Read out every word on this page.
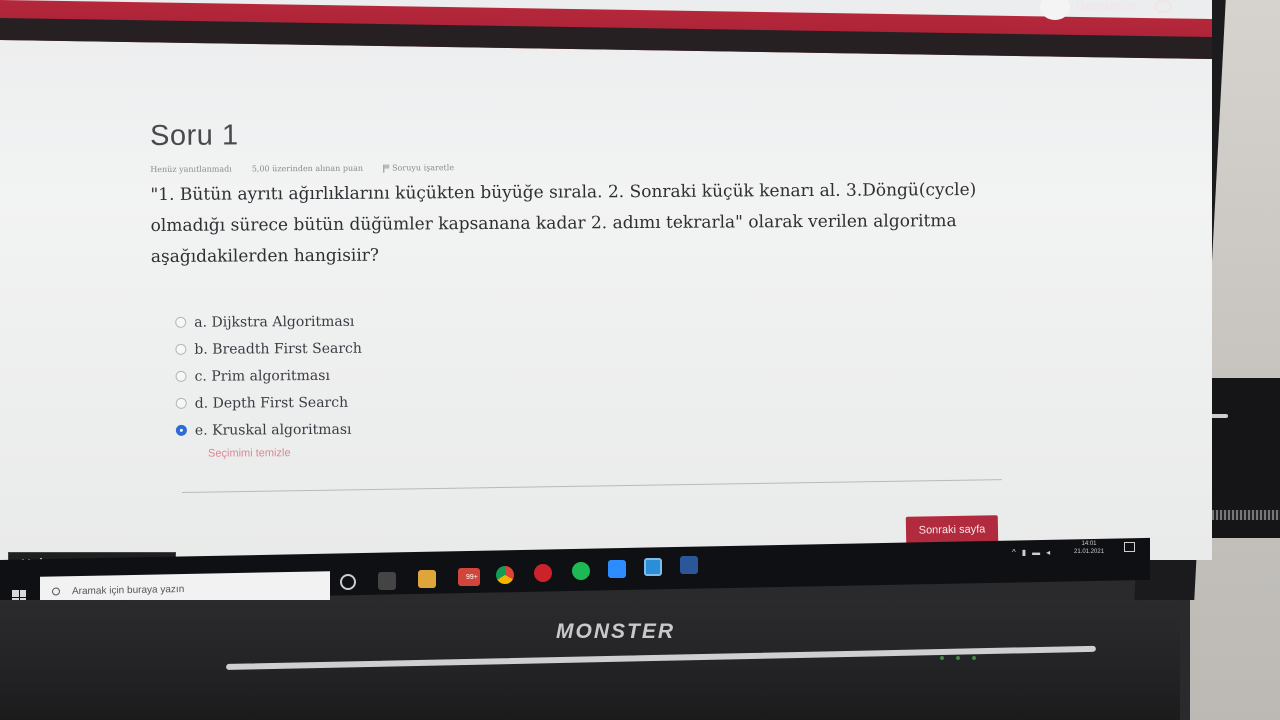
Derslerim
Soru 1
Henüz yanıtlanmadı 5,00 üzerinden alınan puan	Soruyu işaretle

"1. Bütün ayrıtı ağırlıklarını küçükten büyüğe sırala. 2. Sonraki küçük kenarı al. 3.Döngü(cycle) olmadığı sürece bütün düğümler kapsanana kadar 2. adımı tekrarla" olarak verilen algoritma aşağıdakilerden hangisiir?

a. Dijkstra Algoritması
b. Breadth First Search
c. Prim algoritması
d. Depth First Search
e. Kruskal algoritması
Seçimimi temizle
Sonraki sayfa
Aramak için buraya yazın
99+
^ ▮ ▬ ◂
14:01
21.01.2021
MONSTER
